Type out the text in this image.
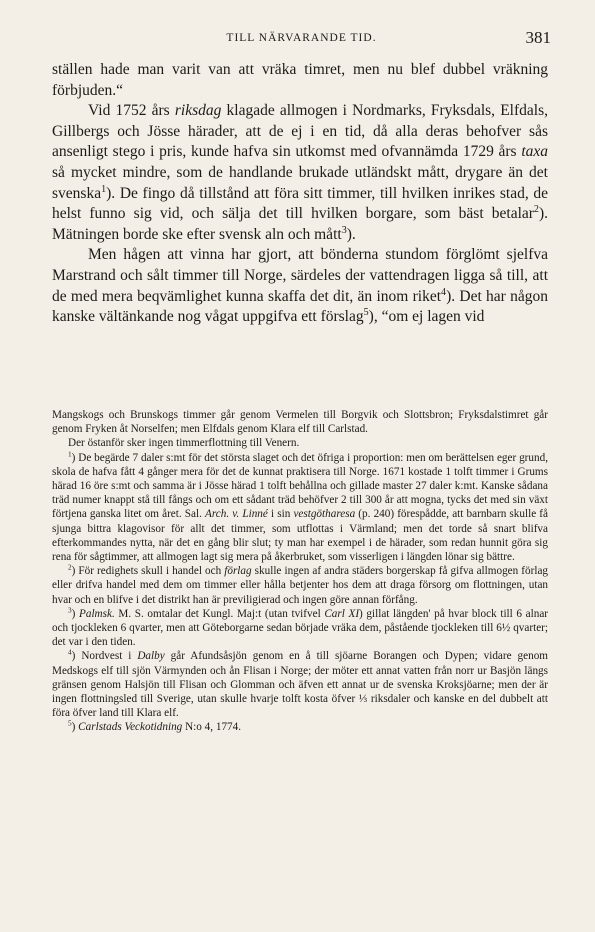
TILL NÄRVARANDE TID.	381

ställen hade man varit van att vräka timret, men nu blef dubbel vräkning förbjuden.“

Vid 1752 års riksdag klagade allmogen i Nordmarks, Fryksdals, Elfdals, Gillbergs och Jösse härader, att de ej i en tid, då alla deras behofver sås ansenligt stego i pris, kunde hafva sin utkomst med ofvannämda 1729 års taxa så mycket mindre, som de handlande brukade utländskt mått, drygare än det svenska$^1$). De fingo då tillstånd att föra sitt timmer, till hvilken inrikes stad, de helst funno sig vid, och sälja det till hvilken borgare, som bäst betalar$^2$). Mätningen borde ske efter svensk aln och mått$^3$).

Men hågen att vinna har gjort, att bönderna stundom förglömt sjelfva Marstrand och sålt timmer till Norge, särdeles der vattendragen ligga så till, att de med mera beqvämlighet kunna skaffa det dit, än inom riket$^4$). Det har någon kanske vältänkande nog vågat uppgifva ett förslag$^5$), “om ej lagen vid

Mangskogs och Brunskogs timmer går genom Vermelen till Borgvik och Slottsbron; Fryksdalstimret går genom Fryken åt Norselfen; men Elfdals genom Klara elf till Carlstad.

Der östanför sker ingen timmerflottning till Venern.

$^1$) De begärde 7 daler s:mt för det största slaget och det öfriga i proportion: men om berättelsen eger grund, skola de hafva fått 4 gånger mera för det de kunnat praktisera till Norge. 1671 kostade 1 tolft timmer i Grums härad 16 öre s:mt och samma är i Jösse härad 1 tolft behållna och gillade master 27 daler k:mt. Kanske sådana träd numer knappt stå till fångs och om ett sådant träd behöfver 2 till 300 år att mogna, tycks det med sin växt förtjena ganska litet om året. Sal. Arch. v. Linné i sin vestgötharesa (p. 240) förespådde, att barnbarn skulle få sjunga bittra klagovisor för allt det timmer, som utflottas i Värmland; men det torde så snart blifva efterkommandes nytta, när det en gång blir slut; ty man har exempel i de härader, som redan hunnit göra sig rena för sågtimmer, att allmogen lagt sig mera på åkerbruket, som visserligen i längden lönar sig bättre.

$^2$) För redighets skull i handel och förlag skulle ingen af andra städers borgerskap få gifva allmogen förlag eller drifva handel med dem om timmer eller hålla betjenter hos dem att draga försorg om flottningen, utan hvar och en blifve i det distrikt han är previligierad och ingen göre annan förfång.

$^3$) Palmsk. M. S. omtalar det Kungl. Maj:t (utan tvifvel Carl XI) gillat längden' på hvar block till 6 alnar och tjockleken 6 qvarter, men att Göteborgarne sedan började vräka dem, påstående tjockleken till 6½ qvarter; det var i den tiden.

$^4$) Nordvest i Dalby går Afundsåsjön genom en å till sjöarne Borangen och Dypen; vidare genom Medskogs elf till sjön Värmynden och ån Flisan i Norge; der möter ett annat vatten från norr ur Basjön längs gränsen genom Halsjön till Flisan och Glomman och äfven ett annat ur de svenska Kroksjöarne; men der är ingen flottningsled till Sverige, utan skulle hvarje tolft kosta öfver ⅓ riksdaler och kanske en del dubbelt att föra öfver land till Klara elf.

$^5$) Carlstads Veckotidning N:o 4, 1774.
